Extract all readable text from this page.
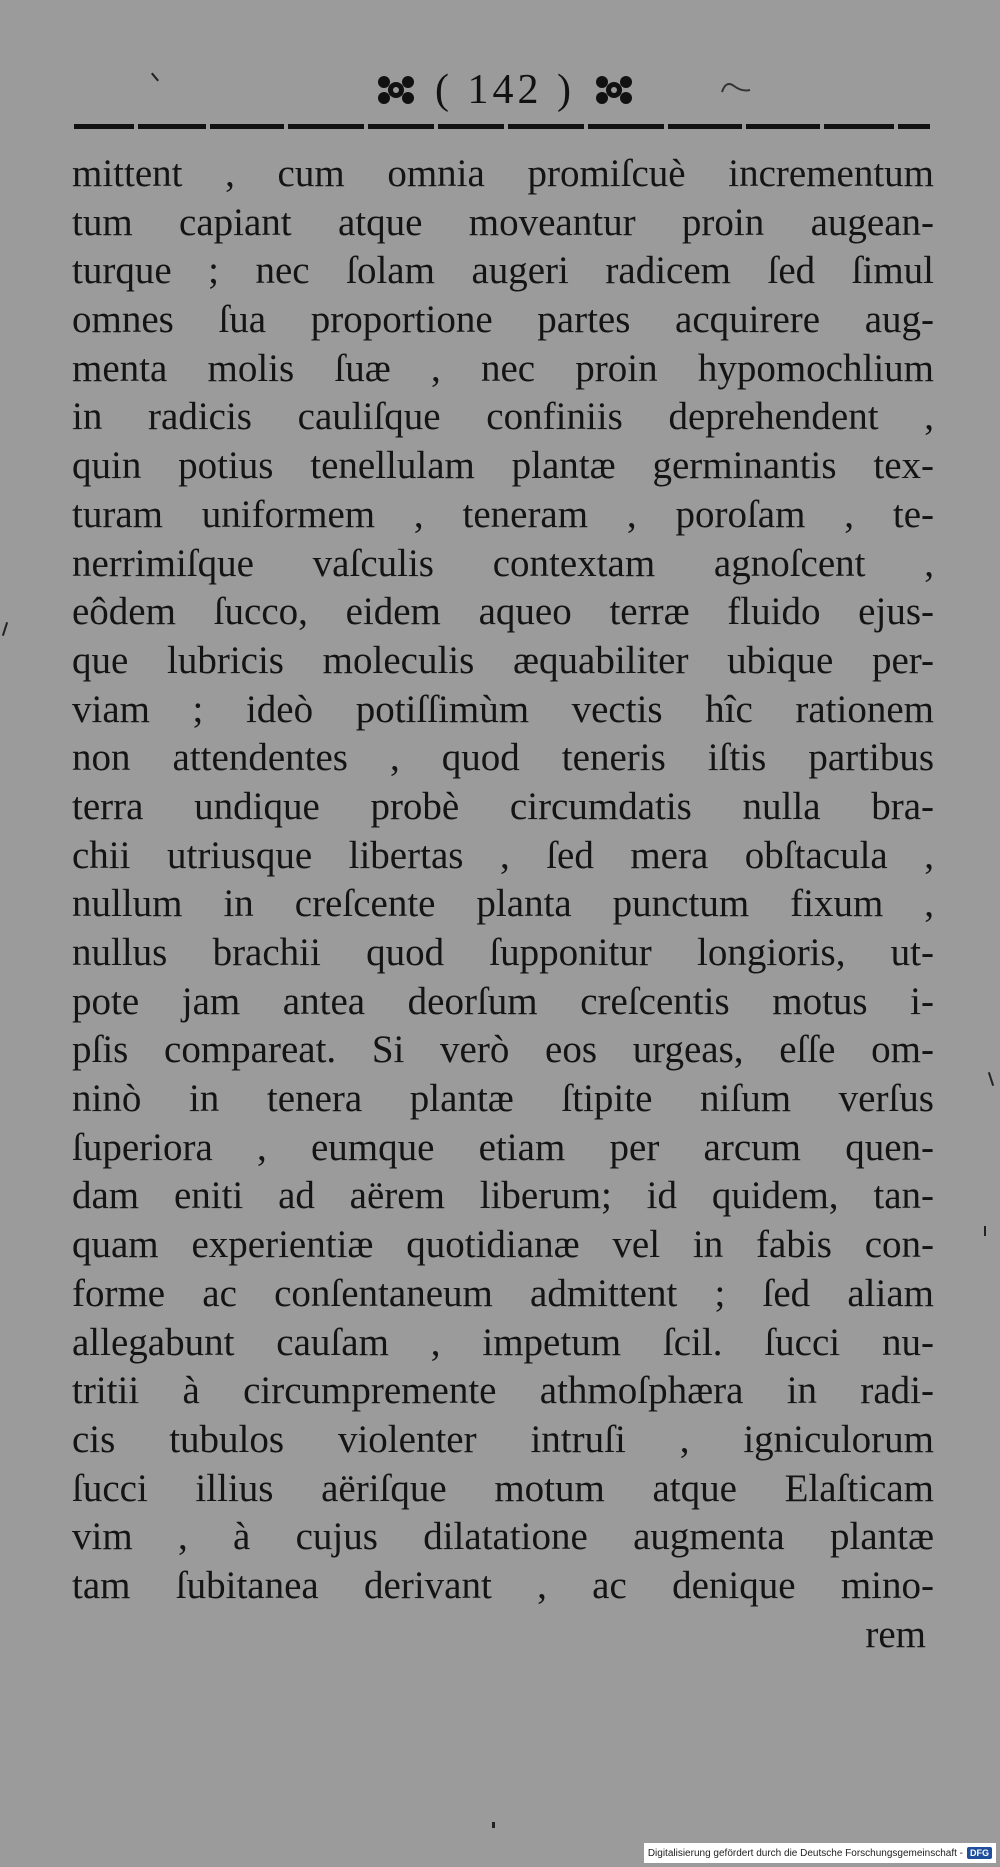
( 142 )
mittent , cum omnia promiſcuè incrementum
tum capiant atque moveantur proin augean-
turque ; nec ſolam augeri radicem ſed ſimul
omnes ſua proportione partes acquirere aug-
menta molis ſuæ , nec proin hypomochlium
in radicis cauliſque confiniis deprehendent ,
quin potius tenellulam plantæ germinantis tex-
turam uniformem , teneram , poroſam , te-
nerrimiſque vaſculis contextam agnoſcent ,
eôdem ſucco, eidem aqueo terræ fluido ejus-
que lubricis moleculis æquabiliter ubique per-
viam ; ideò potiſſimùm vectis hîc rationem
non attendentes , quod teneris iſtis partibus
terra undique probè circumdatis nulla bra-
chii utriusque libertas , ſed mera obſtacula ,
nullum in creſcente planta punctum fixum ,
nullus brachii quod ſupponitur longioris, ut-
pote jam antea deorſum creſcentis motus i-
pſis compareat. Si verò eos urgeas, eſſe om-
ninò in tenera plantæ ſtipite niſum verſus
ſuperiora , eumque etiam per arcum quen-
dam eniti ad aërem liberum; id quidem, tan-
quam experientiæ quotidianæ vel in fabis con-
forme ac conſentaneum admittent ; ſed aliam
allegabunt cauſam , impetum ſcil. ſucci nu-
tritii à circumpremente athmoſphæra in radi-
cis tubulos violenter intruſi , igniculorum
ſucci illius aëriſque motum atque Elaſticam
vim , à cujus dilatatione augmenta plantæ
tam ſubitanea derivant , ac denique mino-
rem
Digitalisierung gefördert durch die Deutsche Forschungsgemeinschaft - DFG
